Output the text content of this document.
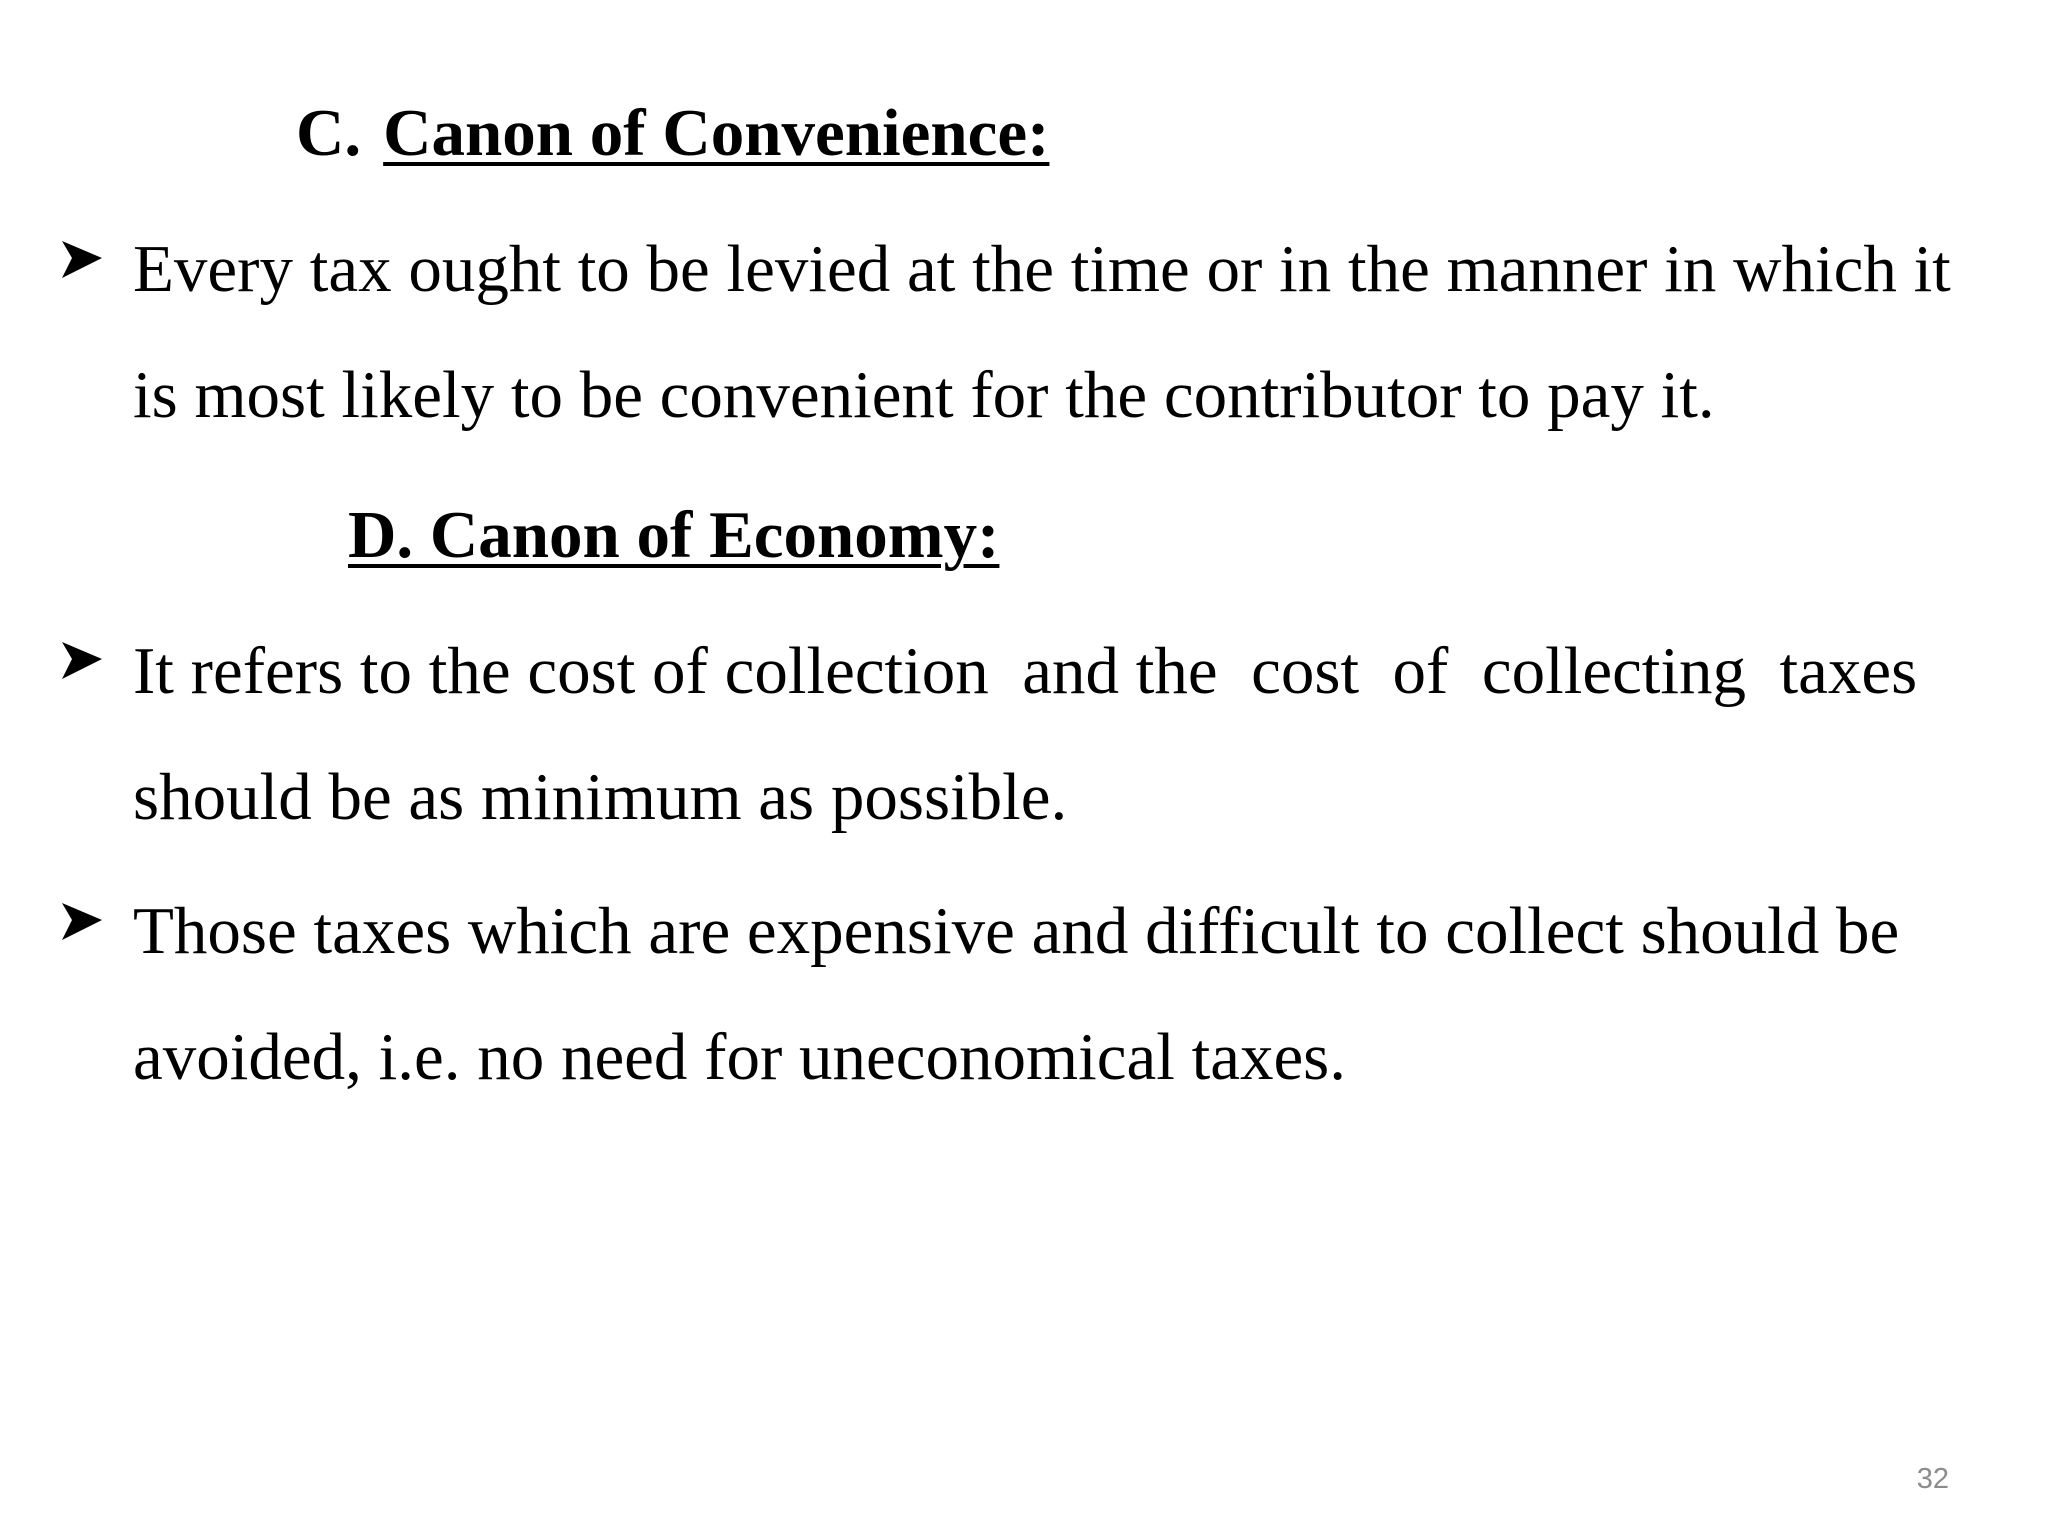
C. Canon of Convenience:
Every tax ought to be levied at the time or in the manner in which it
is most likely to be convenient for the contributor to pay it.
D. Canon of Economy:
It refers to the cost of collection  and the  cost  of  collecting  taxes
should be as minimum as possible.
Those taxes which are expensive and difficult to collect should be
avoided, i.e. no need for uneconomical taxes.
32
